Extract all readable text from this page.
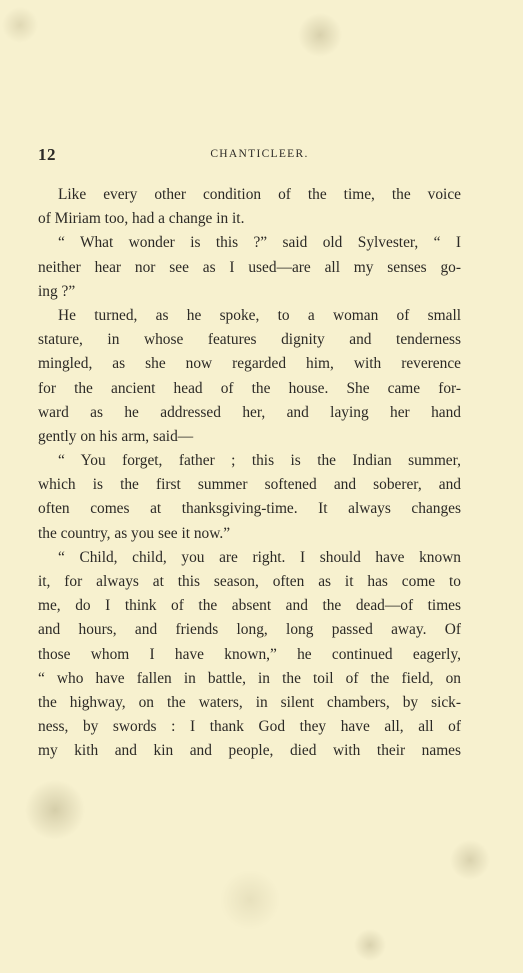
12	CHANTICLEER.
Like every other condition of the time, the voice
of Miriam too, had a change in it.
“ What wonder is this ?” said old Sylvester, “ I
neither hear nor see as I used—are all my senses go-
ing ?”
He turned, as he spoke, to a woman of small
stature, in whose features dignity and tenderness
mingled, as she now regarded him, with reverence
for the ancient head of the house. She came for-
ward as he addressed her, and laying her hand
gently on his arm, said—
“ You forget, father ; this is the Indian summer,
which is the first summer softened and soberer, and
often comes at thanksgiving-time. It always changes
the country, as you see it now.”
“ Child, child, you are right. I should have known
it, for always at this season, often as it has come to
me, do I think of the absent and the dead—of times
and hours, and friends long, long passed away. Of
those whom I have known,” he continued eagerly,
“ who have fallen in battle, in the toil of the field, on
the highway, on the waters, in silent chambers, by sick-
ness, by swords : I thank God they have all, all of
my kith and kin and people, died with their names
